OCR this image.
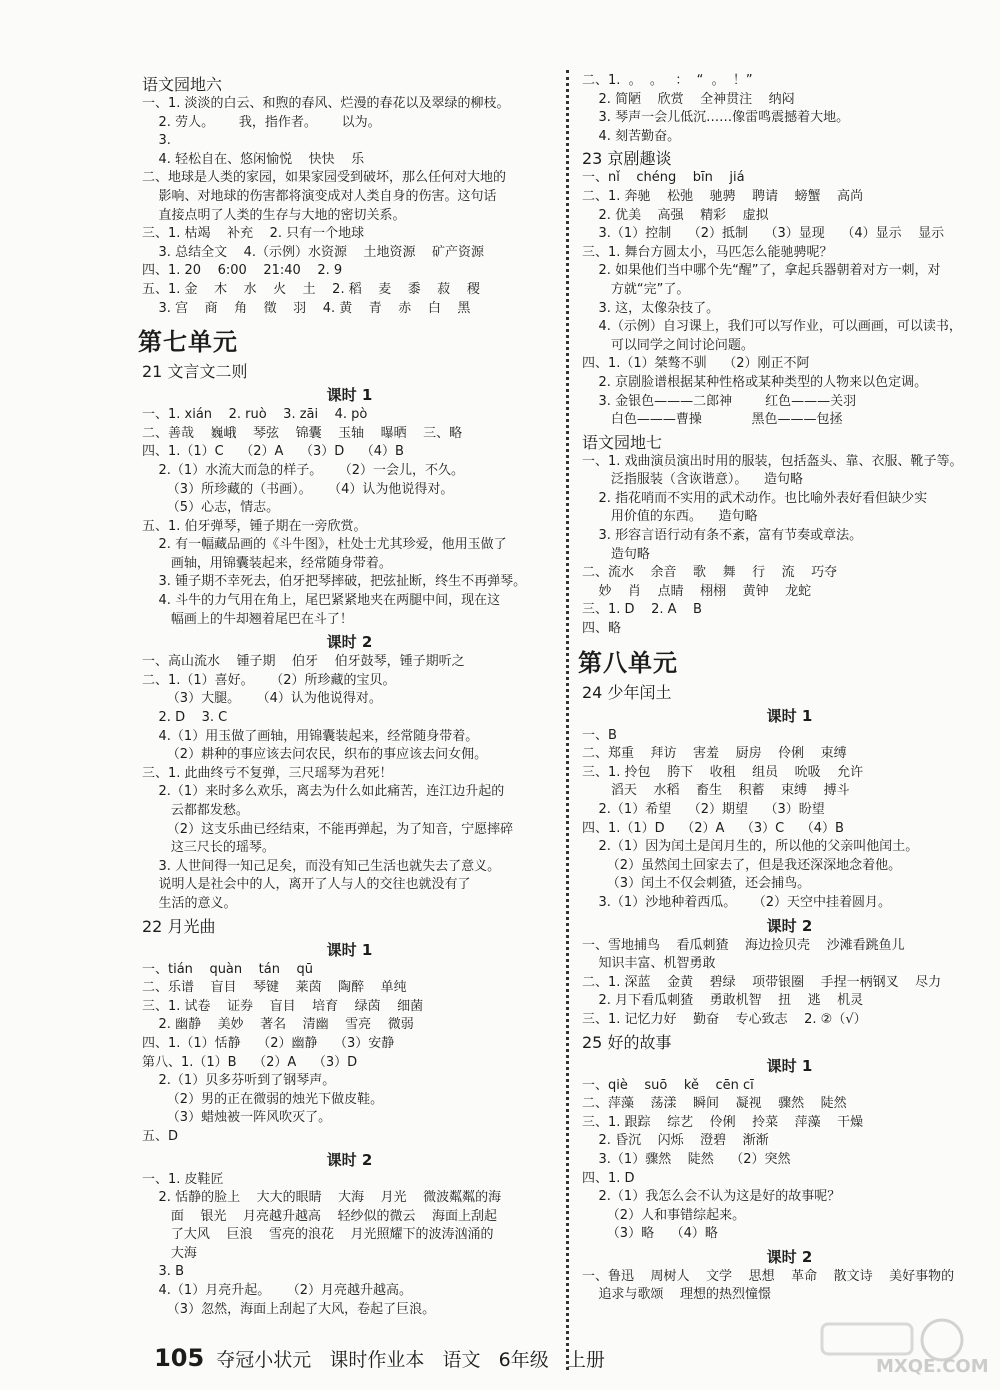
语文园地六
一、1. 淡淡的白云、和煦的春风、烂漫的春花以及翠绿的柳枝。
2. 劳人。      我，指作者。      以为。
3.
4. 轻松自在、悠闲愉悦    快快    乐
二、地球是人类的家园，如果家园受到破坏，那么任何对大地的
影响、对地球的伤害都将演变成对人类自身的伤害。这句话
直接点明了人类的生存与大地的密切关系。
三、1. 枯竭    补充    2. 只有一个地球
3. 总结全文    4.（示例）水资源    土地资源    矿产资源
四、1. 20    6:00    21:40    2. 9
五、1. 金    木    水    火    土    2. 稻    麦    黍    菽    稷
3. 宫    商    角    徵    羽    4. 黄    青    赤    白    黑
第七单元
21 文言文二则
课时 1
一、1. xián    2. ruò    3. zāi    4. pò
二、善哉    巍峨    琴弦    锦囊    玉轴    曝晒    三、略
四、1.（1）C    （2）A    （3）D    （4）B
2.（1）水流大而急的样子。    （2）一会儿，不久。
（3）所珍藏的（书画）。    （4）认为他说得对。
（5）心志，情志。
五、1. 伯牙弹琴，锺子期在一旁欣赏。
2. 有一幅藏品画的《斗牛图》，杜处士尤其珍爱，他用玉做了
画轴，用锦囊装起来，经常随身带着。
3. 锺子期不幸死去，伯牙把琴摔破，把弦扯断，终生不再弹琴。
4. 斗牛的力气用在角上，尾巴紧紧地夹在两腿中间，现在这
幅画上的牛却翘着尾巴在斗了！
课时 2
一、高山流水    锺子期    伯牙    伯牙鼓琴，锺子期听之
二、1.（1）喜好。    （2）所珍藏的宝贝。
（3）大腿。    （4）认为他说得对。
2. D    3. C
4.（1）用玉做了画轴，用锦囊装起来，经常随身带着。
（2）耕种的事应该去问农民，织布的事应该去问女佣。
三、1. 此曲终亏不复弹，三尺瑶琴为君死！
2.（1）来时多么欢乐，离去为什么如此痛苦，连江边升起的
云都都发愁。
（2）这支乐曲已经结束，不能再弹起，为了知音，宁愿摔碎
这三尺长的瑶琴。
3. 人世间得一知己足矣，而没有知己生活也就失去了意义。
说明人是社会中的人，离开了人与人的交往也就没有了
生活的意义。
22 月光曲
课时 1
一、tián    quàn    tán    qū
二、乐谱    盲目    琴键    莱茵    陶醉    单纯
三、1. 试卷    证券    盲目    培育    绿茵    细菌
2. 幽静    美妙    著名    清幽    雪亮    微弱
四、1.（1）恬静    （2）幽静    （3）安静
第八、1.（1）B    （2）A    （3）D
2.（1）贝多芬听到了钢琴声。
（2）男的正在微弱的烛光下做皮鞋。
（3）蜡烛被一阵风吹灭了。
五、D
课时 2
一、1. 皮鞋匠
2. 恬静的脸上    大大的眼睛    大海    月光    微波粼粼的海
面    银光    月亮越升越高    轻纱似的微云    海面上刮起
了大风    巨浪    雪亮的浪花    月光照耀下的波涛汹涌的
大海
3. B
4.（1）月亮升起。    （2）月亮越升越高。
（3）忽然，海面上刮起了大风，卷起了巨浪。
二、1.  。  。   ：  “  。  ！”
2. 简陋    欣赏    全神贯注    纳闷
3. 琴声一会儿低沉……像雷鸣震撼着大地。
4. 刻苦勤奋。
23 京剧趣谈
一、nǐ    chéng    bīn    jiá
二、1. 奔驰    松弛    驰骋    聘请    螃蟹    高尚
2. 优美    高强    精彩    虚拟
3.（1）控制    （2）抵制    （3）显现    （4）显示    显示
三、1. 舞台方圆太小，马匹怎么能驰骋呢？
2. 如果他们当中哪个先“醒”了，拿起兵器朝着对方一刺，对
方就“完”了。
3. 这，太像杂技了。
4.（示例）自习课上，我们可以写作业，可以画画，可以读书，
可以同学之间讨论问题。
四、1.（1）桀骜不驯    （2）刚正不阿
2. 京剧脸谱根据某种性格或某种类型的人物来以色定调。
3. 金银色———二郎神        红色———关羽
白色———曹操            黑色———包拯
语文园地七
一、1. 戏曲演员演出时用的服装，包括盔头、靠、衣服、靴子等。
泛指服装（含诙谐意）。    造句略
2. 指花哨而不实用的武术动作。也比喻外表好看但缺少实
用价值的东西。    造句略
3. 形容言语行动有条不紊，富有节奏或章法。
造句略
二、流水    余音    歌    舞    行    流    巧夺
妙    肖    点睛    栩栩    黄钟    龙蛇
三、1. D    2. A    B
四、略
第八单元
24 少年闰土
课时 1
一、B
二、郑重    拜访    害羞    厨房    伶俐    束缚
三、1. 拎包    胯下    收租    组员    吮吸    允许
滔天    水稻    畜生    积蓄    束缚    搏斗
2.（1）希望    （2）期望    （3）盼望
四、1.（1）D    （2）A    （3）C    （4）B
2.（1）因为闰土是闰月生的，所以他的父亲叫他闰土。
（2）虽然闰土回家去了，但是我还深深地念着他。
（3）闰土不仅会刺猹，还会捕鸟。
3.（1）沙地种着西瓜。    （2）天空中挂着圆月。
课时 2
一、雪地捕鸟    看瓜刺猹    海边捡贝壳    沙滩看跳鱼儿
知识丰富、机智勇敢
二、1. 深蓝    金黄    碧绿    项带银圈    手捏一柄钢叉    尽力
2. 月下看瓜刺猹    勇敢机智    扭    逃    机灵
三、1. 记忆力好    勤奋    专心致志    2. ②（√）
25 好的故事
课时 1
一、qiè    suō    kě    cēn cī
二、萍藻    荡漾    瞬间    凝视    骤然    陡然
三、1. 跟踪    综艺    伶俐    拎菜    萍藻    干燥
2. 昏沉    闪烁    澄碧    渐渐
3.（1）骤然    陡然    （2）突然
四、1. D
2.（1）我怎么会不认为这是好的故事呢？
（2）人和事错综起来。
（3）略    （4）略
课时 2
一、鲁迅    周树人    文学    思想    革命    散文诗    美好事物的
追求与歌颂    理想的热烈憧憬

105  夺冠小状元   课时作业本   语文   6年级   上册	MXQE.COM
